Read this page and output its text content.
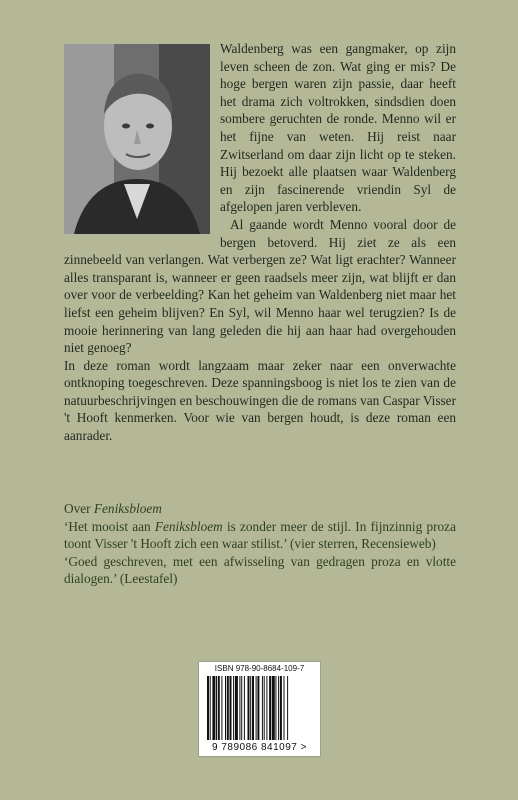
Waldenberg was een gangmaker, op zijn leven scheen de zon. Wat ging er mis? De hoge bergen waren zijn passie, daar heeft het drama zich voltrokken, sindsdien doen sombere geruchten de ronde. Menno wil er het fijne van weten. Hij reist naar Zwitserland om daar zijn licht op te steken. Hij bezoekt alle plaatsen waar Waldenberg en zijn fascinerende vriendin Syl de afgelopen jaren verbleven.

Al gaande wordt Menno vooral door de bergen betoverd. Hij ziet ze als een zinnebeeld van verlangen. Wat verbergen ze? Wat ligt erachter? Wanneer alles transparant is, wanneer er geen raadsels meer zijn, wat blijft er dan over voor de verbeelding? Kan het geheim van Waldenberg niet maar het liefst een geheim blijven? En Syl, wil Menno haar wel terugzien? Is de mooie herinnering van lang geleden die hij aan haar had overgehouden niet genoeg?

In deze roman wordt langzaam maar zeker naar een onverwachte ontknoping toegeschreven. Deze spanningsboog is niet los te zien van de natuurbeschrijvingen en beschouwingen die de romans van Caspar Visser 't Hooft kenmerken. Voor wie van bergen houdt, is deze roman een aanrader.

Over Feniksbloem

‘Het mooist aan Feniksbloem is zonder meer de stijl. In fijnzinnig proza toont Visser 't Hooft zich een waar stilist.’ (vier sterren, Recensieweb)

‘Goed geschreven, met een afwisseling van gedragen proza en vlotte dialogen.’ (Leestafel)

ISBN 978-90-8684-109-7
9 789086 841097 >
